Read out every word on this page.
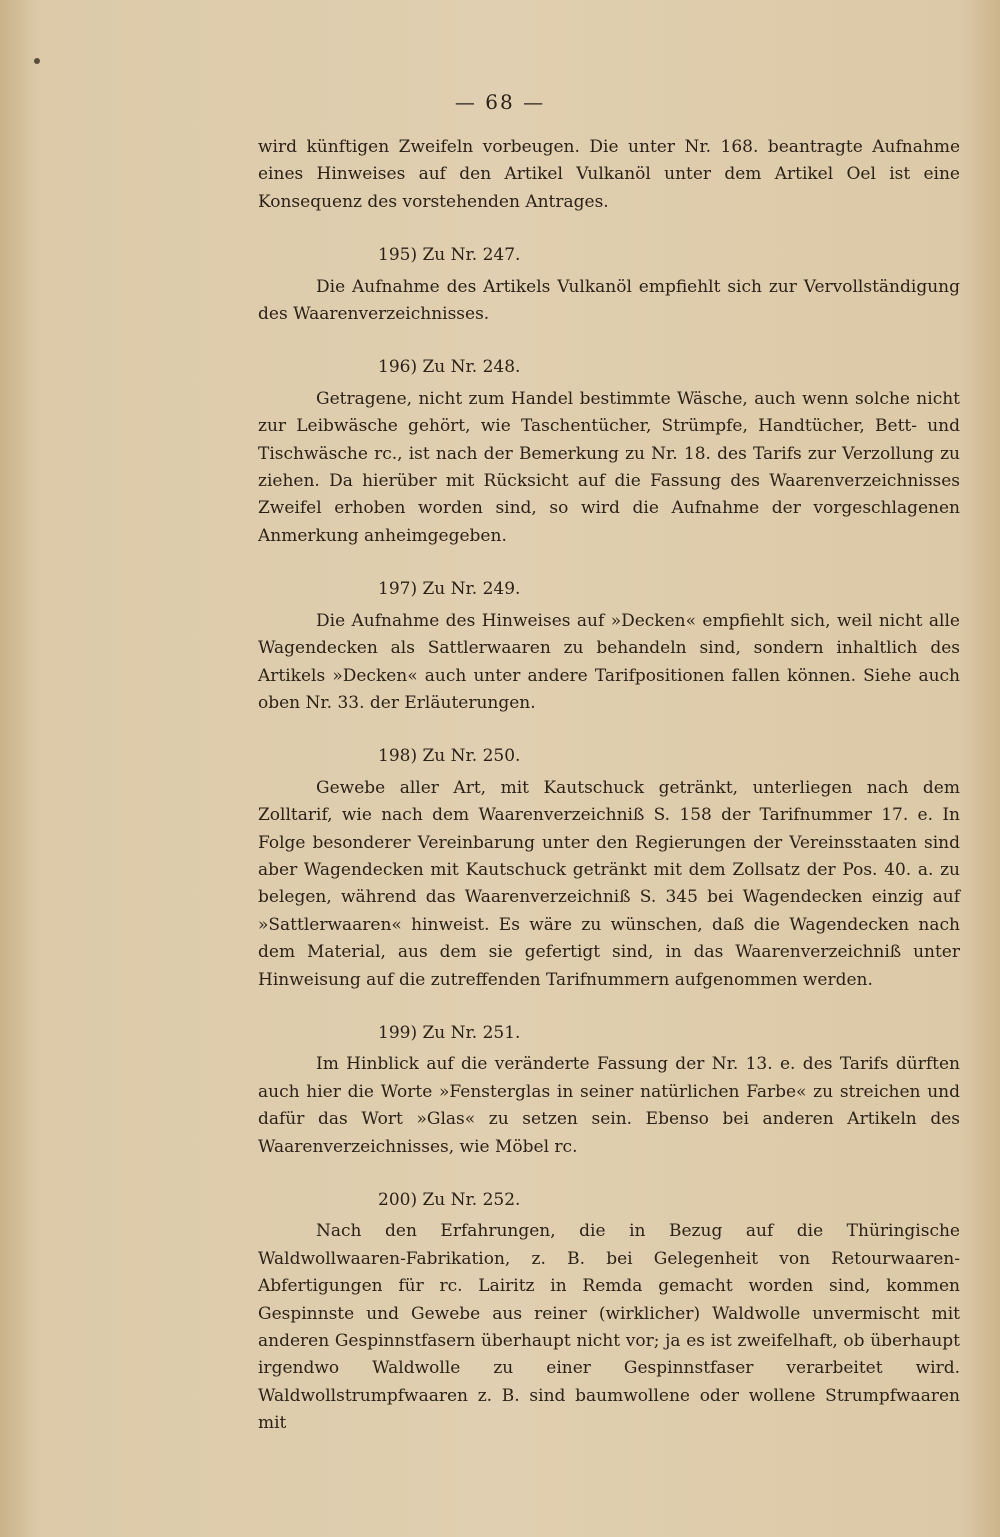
— 68 —

wird künftigen Zweifeln vorbeugen. Die unter Nr. 168. beantragte Aufnahme eines Hinweises auf den Artikel Vulkanöl unter dem Artikel Oel ist eine Konsequenz des vorstehenden Antrages.

195) Zu Nr. 247.

Die Aufnahme des Artikels Vulkanöl empfiehlt sich zur Vervollständigung des Waarenverzeichnisses.

196) Zu Nr. 248.

Getragene, nicht zum Handel bestimmte Wäsche, auch wenn solche nicht zur Leibwäsche gehört, wie Taschentücher, Strümpfe, Handtücher, Bett- und Tischwäsche rc., ist nach der Bemerkung zu Nr. 18. des Tarifs zur Verzollung zu ziehen. Da hierüber mit Rücksicht auf die Fassung des Waarenverzeichnisses Zweifel erhoben worden sind, so wird die Aufnahme der vorgeschlagenen Anmerkung anheimgegeben.

197) Zu Nr. 249.

Die Aufnahme des Hinweises auf »Decken« empfiehlt sich, weil nicht alle Wagendecken als Sattlerwaaren zu behandeln sind, sondern inhaltlich des Artikels »Decken« auch unter andere Tarifpositionen fallen können. Siehe auch oben Nr. 33. der Erläuterungen.

198) Zu Nr. 250.

Gewebe aller Art, mit Kautschuck getränkt, unterliegen nach dem Zolltarif, wie nach dem Waarenverzeichniß S. 158 der Tarifnummer 17. e. In Folge besonderer Vereinbarung unter den Regierungen der Vereinsstaaten sind aber Wagendecken mit Kautschuck getränkt mit dem Zollsatz der Pos. 40. a. zu belegen, während das Waarenverzeichniß S. 345 bei Wagendecken einzig auf »Sattlerwaaren« hinweist. Es wäre zu wünschen, daß die Wagendecken nach dem Material, aus dem sie gefertigt sind, in das Waarenverzeichniß unter Hinweisung auf die zutreffenden Tarifnummern aufgenommen werden.

199) Zu Nr. 251.

Im Hinblick auf die veränderte Fassung der Nr. 13. e. des Tarifs dürften auch hier die Worte »Fensterglas in seiner natürlichen Farbe« zu streichen und dafür das Wort »Glas« zu setzen sein. Ebenso bei anderen Artikeln des Waarenverzeichnisses, wie Möbel rc.

200) Zu Nr. 252.

Nach den Erfahrungen, die in Bezug auf die Thüringische Waldwollwaaren-Fabrikation, z. B. bei Gelegenheit von Retourwaaren-Abfertigungen für rc. Lairitz in Remda gemacht worden sind, kommen Gespinnste und Gewebe aus reiner (wirklicher) Waldwolle unvermischt mit anderen Gespinnstfasern überhaupt nicht vor; ja es ist zweifelhaft, ob überhaupt irgendwo Waldwolle zu einer Gespinnstfaser verarbeitet wird. Waldwollstrumpfwaaren z. B. sind baumwollene oder wollene Strumpfwaaren mit
